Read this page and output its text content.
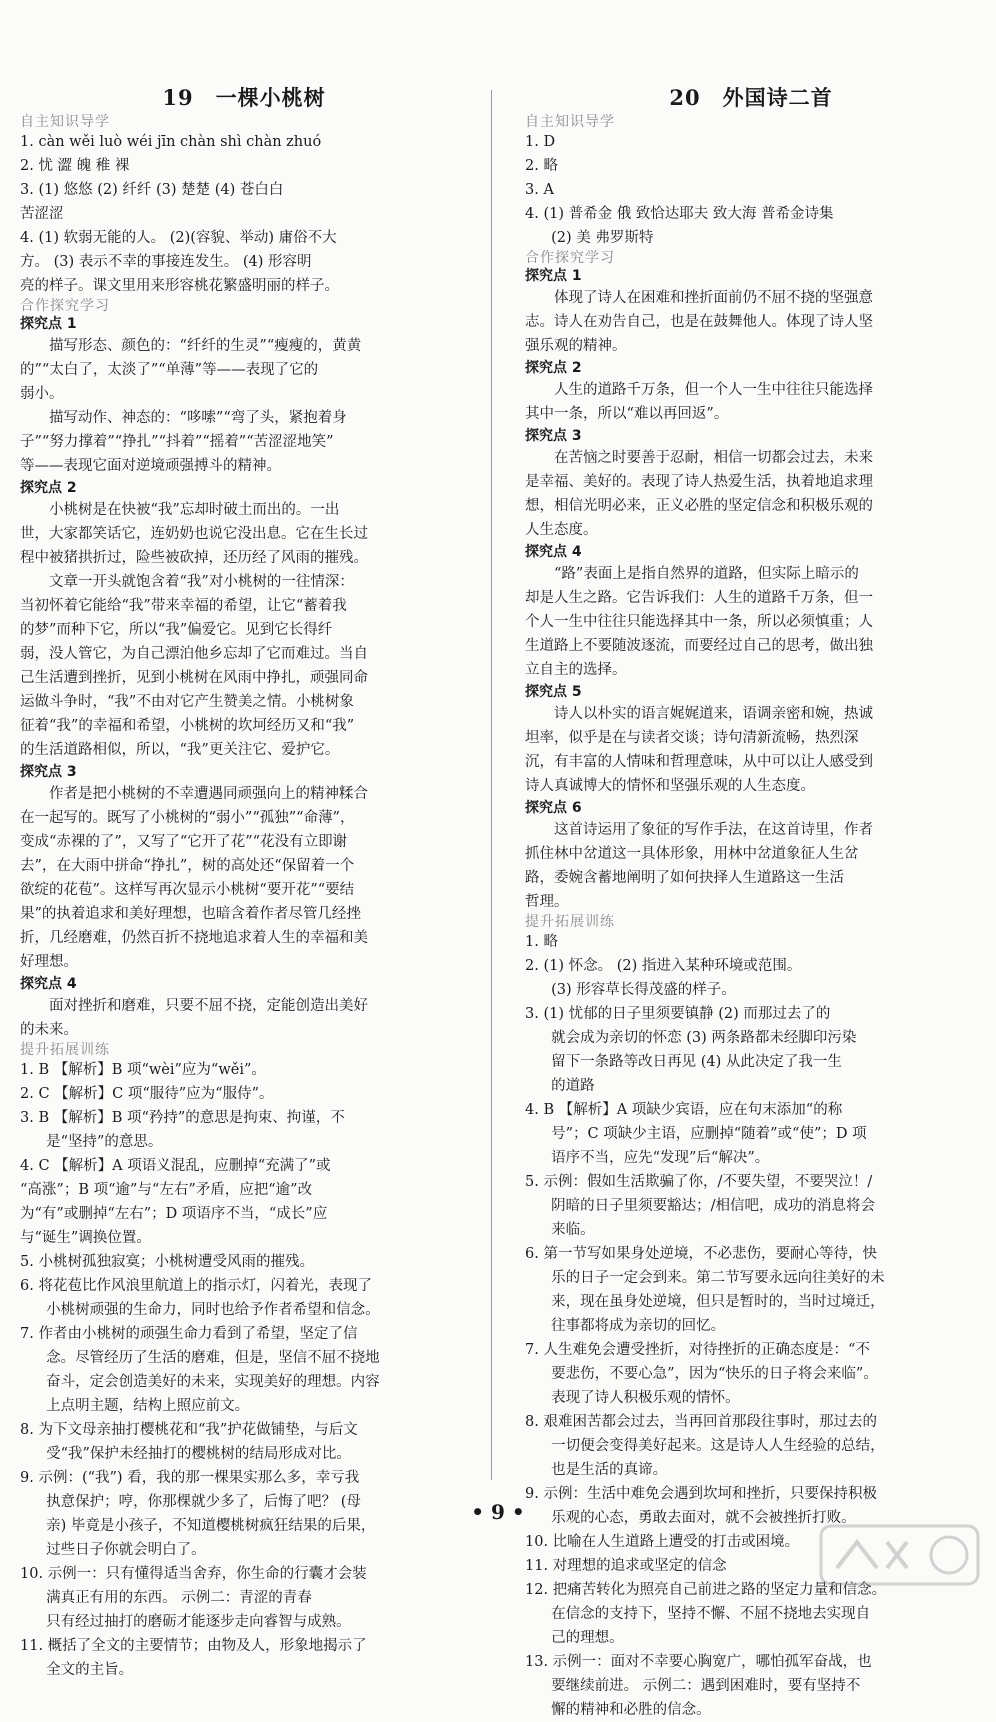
19 一棵小桃树
自主知识导学
1. càn wěi luò wéi jīn chàn shì chàn zhuó
2. 忧 澀 魄 稚 裸
3. (1) 悠悠 (2) 纤纤 (3) 楚楚 (4) 苍白白
苦涩涩
4. (1) 软弱无能的人。 (2)(容貌、举动) 庸俗不大
方。 (3) 表示不幸的事接连发生。 (4) 形容明
亮的样子。课文里用来形容桃花繁盛明丽的样子。
合作探究学习
探究点 1
描写形态、颜色的：“纤纤的生灵”“瘦瘦的，黄黄
的”“太白了，太淡了”“单薄”等——表现了它的
弱小。
描写动作、神态的：“哆嗦”“弯了头，紧抱着身
子”“努力撑着”“挣扎”“抖着”“摇着”“苦涩涩地笑”
等——表现它面对逆境顽强搏斗的精神。
探究点 2
小桃树是在快被“我”忘却时破土而出的。一出
世，大家都笑话它，连奶奶也说它没出息。它在生长过
程中被猪拱折过，险些被砍掉，还历经了风雨的摧残。
文章一开头就饱含着“我”对小桃树的一往情深：
当初怀着它能给“我”带来幸福的希望，让它“蓄着我
的梦”而种下它，所以“我”偏爱它。见到它长得纤
弱，没人管它，为自己漂泊他乡忘却了它而难过。当自
己生活遭到挫折，见到小桃树在风雨中挣扎，顽强同命
运做斗争时，“我”不由对它产生赞美之情。小桃树象
征着“我”的幸福和希望，小桃树的坎坷经历又和“我”
的生活道路相似，所以，“我”更关注它、爱护它。
探究点 3
作者是把小桃树的不幸遭遇同顽强向上的精神糅合
在一起写的。既写了小桃树的“弱小”“孤独”“命薄”，
变成“赤裸的了”，又写了“它开了花”“花没有立即谢
去”，在大雨中拼命“挣扎”，树的高处还“保留着一个
欲绽的花苞”。这样写再次显示小桃树“要开花”“要结
果”的执着追求和美好理想，也暗含着作者尽管几经挫
折，几经磨难，仍然百折不挠地追求着人生的幸福和美
好理想。
探究点 4
面对挫折和磨难，只要不屈不挠，定能创造出美好
的未来。
提升拓展训练
1. B 【解析】B 项“wèi”应为“wěi”。
2. C 【解析】C 项“服待”应为“服侍”。
3. B 【解析】B 项“矜持”的意思是拘束、拘谨，不
是“坚持”的意思。
4. C 【解析】A 项语义混乱，应删掉“充满了”或
“高涨”；B 项“逾”与“左右”矛盾，应把“逾”改
为“有”或删掉“左右”；D 项语序不当，“成长”应
与“诞生”调换位置。
5. 小桃树孤独寂寞；小桃树遭受风雨的摧残。
6. 将花苞比作风浪里航道上的指示灯，闪着光，表现了
小桃树顽强的生命力，同时也给予作者希望和信念。
7. 作者由小桃树的顽强生命力看到了希望，坚定了信
念。尽管经历了生活的磨难，但是，坚信不屈不挠地
奋斗，定会创造美好的未来，实现美好的理想。内容
上点明主题，结构上照应前文。
8. 为下文母亲抽打樱桃花和“我”护花做铺垫，与后文
受“我”保护未经抽打的樱桃树的结局形成对比。
9. 示例：(“我”) 看，我的那一棵果实那么多，幸亏我
执意保护；哼，你那棵就少多了，后悔了吧？ (母
亲) 毕竟是小孩子，不知道樱桃树疯狂结果的后果，
过些日子你就会明白了。
10. 示例一：只有懂得适当舍弃，你生命的行囊才会装
满真正有用的东西。 示例二：青涩的青春
只有经过抽打的磨砺才能逐步走向睿智与成熟。
11. 概括了全文的主要情节；由物及人，形象地揭示了
全文的主旨。
20 外国诗二首
自主知识导学
1. D
2. 略
3. A
4. (1) 普希金 俄 致恰达耶夫 致大海 普希金诗集
(2) 美 弗罗斯特
合作探究学习
探究点 1
体现了诗人在困难和挫折面前仍不屈不挠的坚强意
志。诗人在劝告自己，也是在鼓舞他人。体现了诗人坚
强乐观的精神。
探究点 2
人生的道路千万条，但一个人一生中往往只能选择
其中一条，所以“难以再回返”。
探究点 3
在苦恼之时要善于忍耐，相信一切都会过去，未来
是幸福、美好的。表现了诗人热爱生活，执着地追求理
想，相信光明必来，正义必胜的坚定信念和积极乐观的
人生态度。
探究点 4
“路”表面上是指自然界的道路，但实际上暗示的
却是人生之路。它告诉我们：人生的道路千万条，但一
个人一生中往往只能选择其中一条，所以必须慎重；人
生道路上不要随波逐流，而要经过自己的思考，做出独
立自主的选择。
探究点 5
诗人以朴实的语言娓娓道来，语调亲密和婉，热诚
坦率，似乎是在与读者交谈；诗句清新流畅，热烈深
沉，有丰富的人情味和哲理意味，从中可以让人感受到
诗人真诚博大的情怀和坚强乐观的人生态度。
探究点 6
这首诗运用了象征的写作手法，在这首诗里，作者
抓住林中岔道这一具体形象，用林中岔道象征人生岔
路，委婉含蓄地阐明了如何抉择人生道路这一生活
哲理。
提升拓展训练
1. 略
2. (1) 怀念。 (2) 指进入某种环境或范围。
(3) 形容草长得茂盛的样子。
3. (1) 忧郁的日子里须要镇静 (2) 而那过去了的
就会成为亲切的怀恋 (3) 两条路都未经脚印污染
留下一条路等改日再见 (4) 从此决定了我一生
的道路
4. B 【解析】A 项缺少宾语，应在句末添加“的称
号”；C 项缺少主语，应删掉“随着”或“使”；D 项
语序不当，应先“发现”后“解决”。
5. 示例：假如生活欺骗了你，/不要失望，不要哭泣！/
阴暗的日子里须要豁达；/相信吧，成功的消息将会
来临。
6. 第一节写如果身处逆境，不必悲伤，要耐心等待，快
乐的日子一定会到来。第二节写要永远向往美好的未
来，现在虽身处逆境，但只是暂时的，当时过境迁，
往事都将成为亲切的回忆。
7. 人生难免会遭受挫折，对待挫折的正确态度是：“不
要悲伤，不要心急”，因为“快乐的日子将会来临”。
表现了诗人积极乐观的情怀。
8. 艰难困苦都会过去，当再回首那段往事时，那过去的
一切便会变得美好起来。这是诗人人生经验的总结，
也是生活的真谛。
9. 示例：生活中难免会遇到坎坷和挫折，只要保持积极
乐观的心态，勇敢去面对，就不会被挫折打败。
10. 比喻在人生道路上遭受的打击或困境。
11. 对理想的追求或坚定的信念
12. 把痛苦转化为照亮自己前进之路的坚定力量和信念。
在信念的支持下，坚持不懈、不屈不挠地去实现自
己的理想。
13. 示例一：面对不幸要心胸宽广，哪怕孤军奋战，也
要继续前进。 示例二：遇到困难时，要有坚持不
懈的精神和必胜的信念。
• 9 •
